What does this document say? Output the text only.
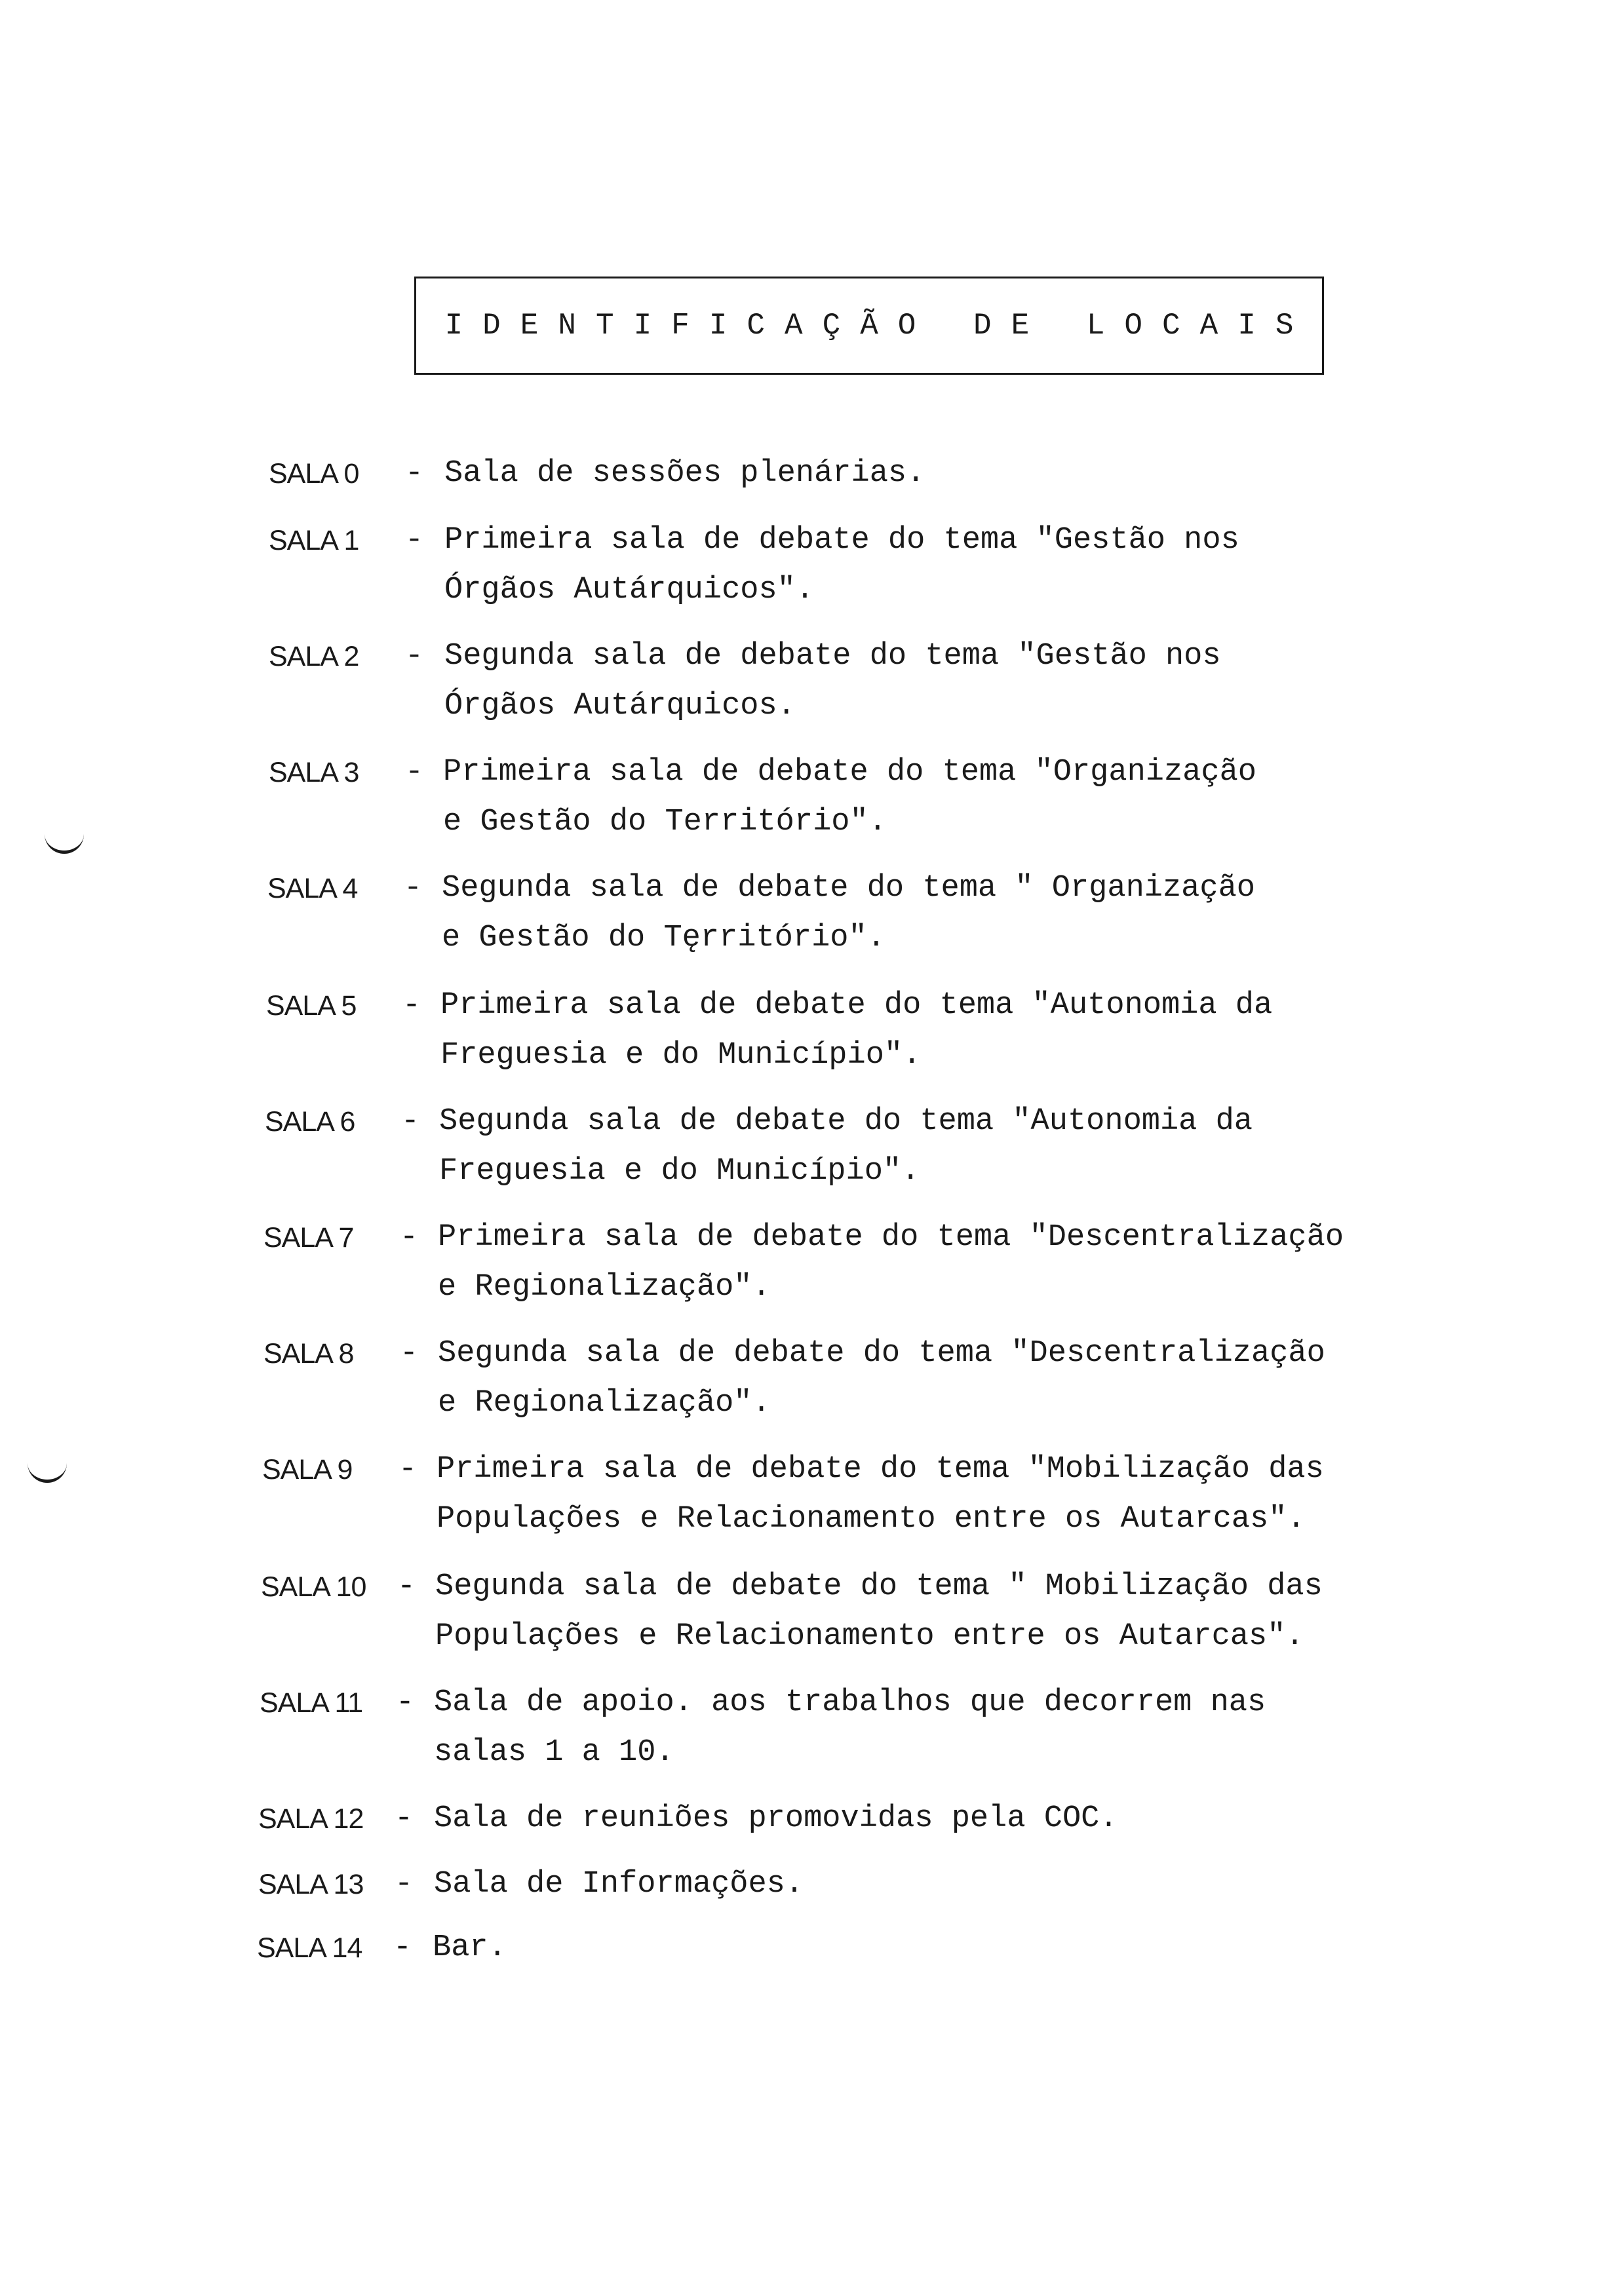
IDENTIFICAÇÃO DE LOCAIS
SALA 0	- Sala de sessões plenárias.
SALA 1	- Primeira sala de debate do tema "Gestão nos
Órgãos Autárquicos".
SALA 2	- Segunda sala de debate do tema "Gestão nos
Órgãos Autárquicos.
SALA 3	- Primeira sala de debate do tema "Organização
e Gestão do Território".
SALA 4	- Segunda sala de debate do tema " Organização
e Gestão do Tęrritório".
SALA 5	- Primeira sala de debate do tema "Autonomia da
Freguesia e do Município".
SALA 6	- Segunda sala de debate do tema "Autonomia da
Freguesia e do Município".
SALA 7	- Primeira sala de debate do tema "Descentralização
e Regionalização".
SALA 8	- Segunda sala de debate do tema "Descentralização
e Regionalização".
SALA 9	- Primeira sala de debate do tema "Mobilização das
Populações e Relacionamento entre os Autarcas".
SALA 10	- Segunda sala de debate do tema " Mobilização das
Populações e Relacionamento entre os Autarcas".
SALA 11	- Sala de apoio. aos trabalhos que decorrem nas
salas 1 a 10.
SALA 12	- Sala de reuniões promovidas pela COC.
SALA 13	- Sala de Informações.
SALA 14	- Bar.
